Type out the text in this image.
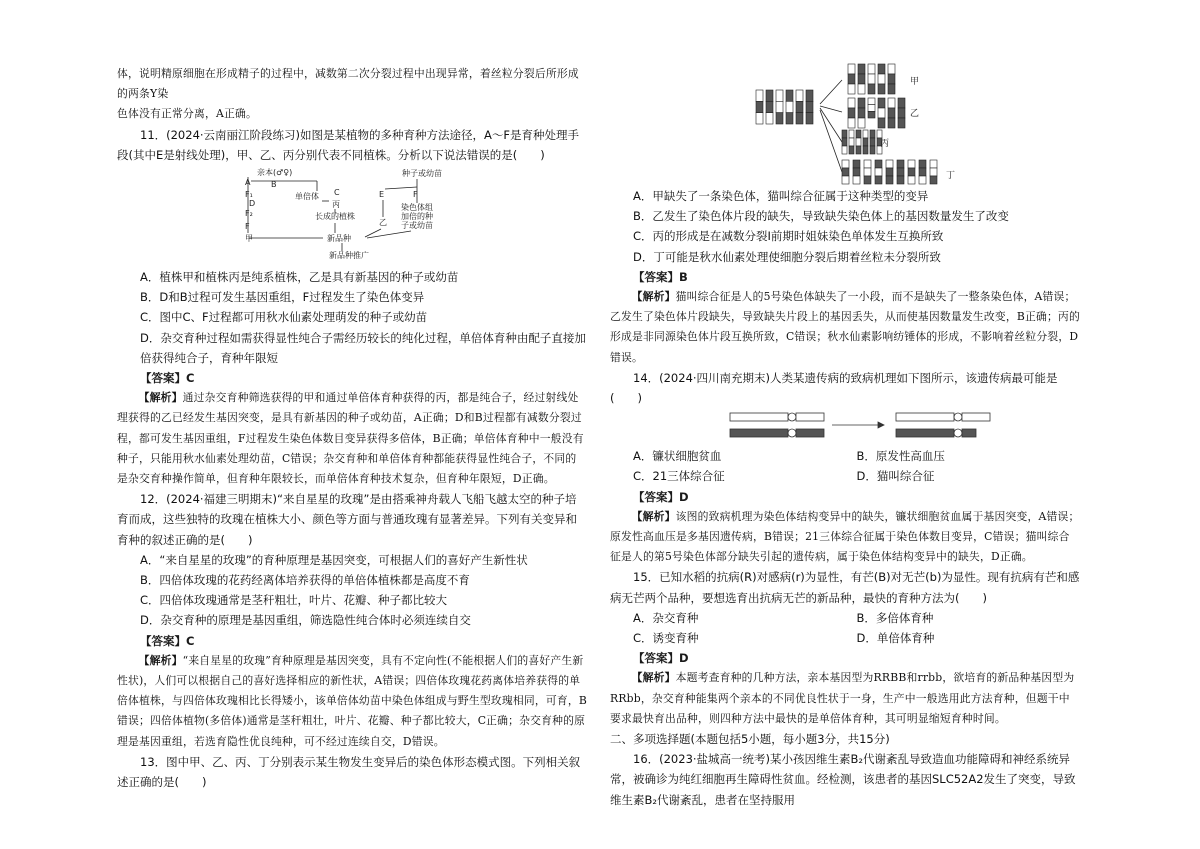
体，说明精原细胞在形成精子的过程中，减数第二次分裂过程中出现异常，着丝粒分裂后所形成的两条Y染

色体没有正常分离，A正确。

11．(2024·云南丽江阶段练习)如图是某植物的多种育种方法途径，A～F是育种处理手段(其中E是射线处理)，甲、乙、丙分别代表不同植株。分析以下说法错误的是(　　)

亲本(♂♀)
A	B
F₁
D
F₂
F
甲
单倍体 C
丙
长成的植株
新品种
新品种推广
种子或幼苗
E	F
乙
染色体组
加倍的种
子或幼苗

A．植株甲和植株丙是纯系植株，乙是具有新基因的种子或幼苗

B．D和B过程可发生基因重组，F过程发生了染色体变异

C．图中C、F过程都可用秋水仙素处理萌发的种子或幼苗

D．杂交育种过程如需获得显性纯合子需经历较长的纯化过程，单倍体育种由配子直接加倍获得纯合子，育种年限短

【答案】C

【解析】通过杂交育种筛选获得的甲和通过单倍体育种获得的丙，都是纯合子，经过射线处理获得的乙已经发生基因突变，是具有新基因的种子或幼苗，A正确；D和B过程都有减数分裂过程，都可发生基因重组，F过程发生染色体数目变异获得多倍体，B正确；单倍体育种中一般没有种子，只能用秋水仙素处理幼苗，C错误；杂交育种和单倍体育种都能获得显性纯合子，不同的是杂交育种操作简单，但育种年限较长，而单倍体育种技术复杂，但育种年限短，D正确。

12．(2024·福建三明期末)“来自星星的玫瑰”是由搭乘神舟载人飞船飞越太空的种子培育而成，这些独特的玫瑰在植株大小、颜色等方面与普通玫瑰有显著差异。下列有关变异和育种的叙述正确的是(　　)

A．“来自星星的玫瑰”的育种原理是基因突变，可根据人们的喜好产生新性状

B．四倍体玫瑰的花药经离体培养获得的单倍体植株都是高度不育

C．四倍体玫瑰通常是茎秆粗壮，叶片、花瓣、种子都比较大

D．杂交育种的原理是基因重组，筛选隐性纯合体时必须连续自交

【答案】C

【解析】“来自星星的玫瑰”育种原理是基因突变，具有不定向性(不能根据人们的喜好产生新性状)，人们可以根据自己的喜好选择相应的新性状，A错误；四倍体玫瑰花药离体培养获得的单倍体植株，与四倍体玫瑰相比长得矮小，该单倍体幼苗中染色体组成与野生型玫瑰相同，可育，B错误；四倍体植物(多倍体)通常是茎秆粗壮，叶片、花瓣、种子都比较大，C正确；杂交育种的原理是基因重组，若选育隐性优良纯种，可不经过连续自交，D错误。

13．图中甲、乙、丙、丁分别表示某生物发生变异后的染色体形态模式图。下列相关叙述正确的是(　　)

甲
乙
丙
丁

A．甲缺失了一条染色体，猫叫综合征属于这种类型的变异

B．乙发生了染色体片段的缺失，导致缺失染色体上的基因数量发生了改变

C．丙的形成是在减数分裂Ⅰ前期时姐妹染色单体发生互换所致

D．丁可能是秋水仙素处理使细胞分裂后期着丝粒未分裂所致

【答案】B

【解析】猫叫综合征是人的5号染色体缺失了一小段，而不是缺失了一整条染色体，A错误；乙发生了染色体片段缺失，导致缺失片段上的基因丢失，从而使基因数量发生改变，B正确；丙的形成是非同源染色体片段互换所致，C错误；秋水仙素影响纺锤体的形成，不影响着丝粒分裂，D错误。

14．(2024·四川南充期末)人类某遗传病的致病机理如下图所示，该遗传病最可能是(　　)

A．镰状细胞贫血	B．原发性高血压
C．21三体综合征	D．猫叫综合征

【答案】D

【解析】该图的致病机理为染色体结构变异中的缺失，镰状细胞贫血属于基因突变，A错误；原发性高血压是多基因遗传病，B错误；21三体综合征属于染色体数目变异，C错误；猫叫综合征是人的第5号染色体部分缺失引起的遗传病，属于染色体结构变异中的缺失，D正确。

15．已知水稻的抗病(R)对感病(r)为显性，有芒(B)对无芒(b)为显性。现有抗病有芒和感病无芒两个品种，要想选育出抗病无芒的新品种，最快的育种方法为(　　)

A．杂交育种	B．多倍体育种
C．诱变育种	D．单倍体育种

【答案】D

【解析】本题考查育种的几种方法，亲本基因型为RRBB和rrbb，欲培育的新品种基因型为RRbb，杂交育种能集两个亲本的不同优良性状于一身，生产中一般选用此方法育种，但题干中要求最快育出品种，则四种方法中最快的是单倍体育种，其可明显缩短育种时间。

二、多项选择题(本题包括5小题，每小题3分，共15分)

16．(2023·盐城高一统考)某小孩因维生素B₂代谢紊乱导致造血功能障碍和神经系统异常，被确诊为纯红细胞再生障碍性贫血。经检测，该患者的基因SLC52A2发生了突变，导致维生素B₂代谢紊乱，患者在坚持服用
